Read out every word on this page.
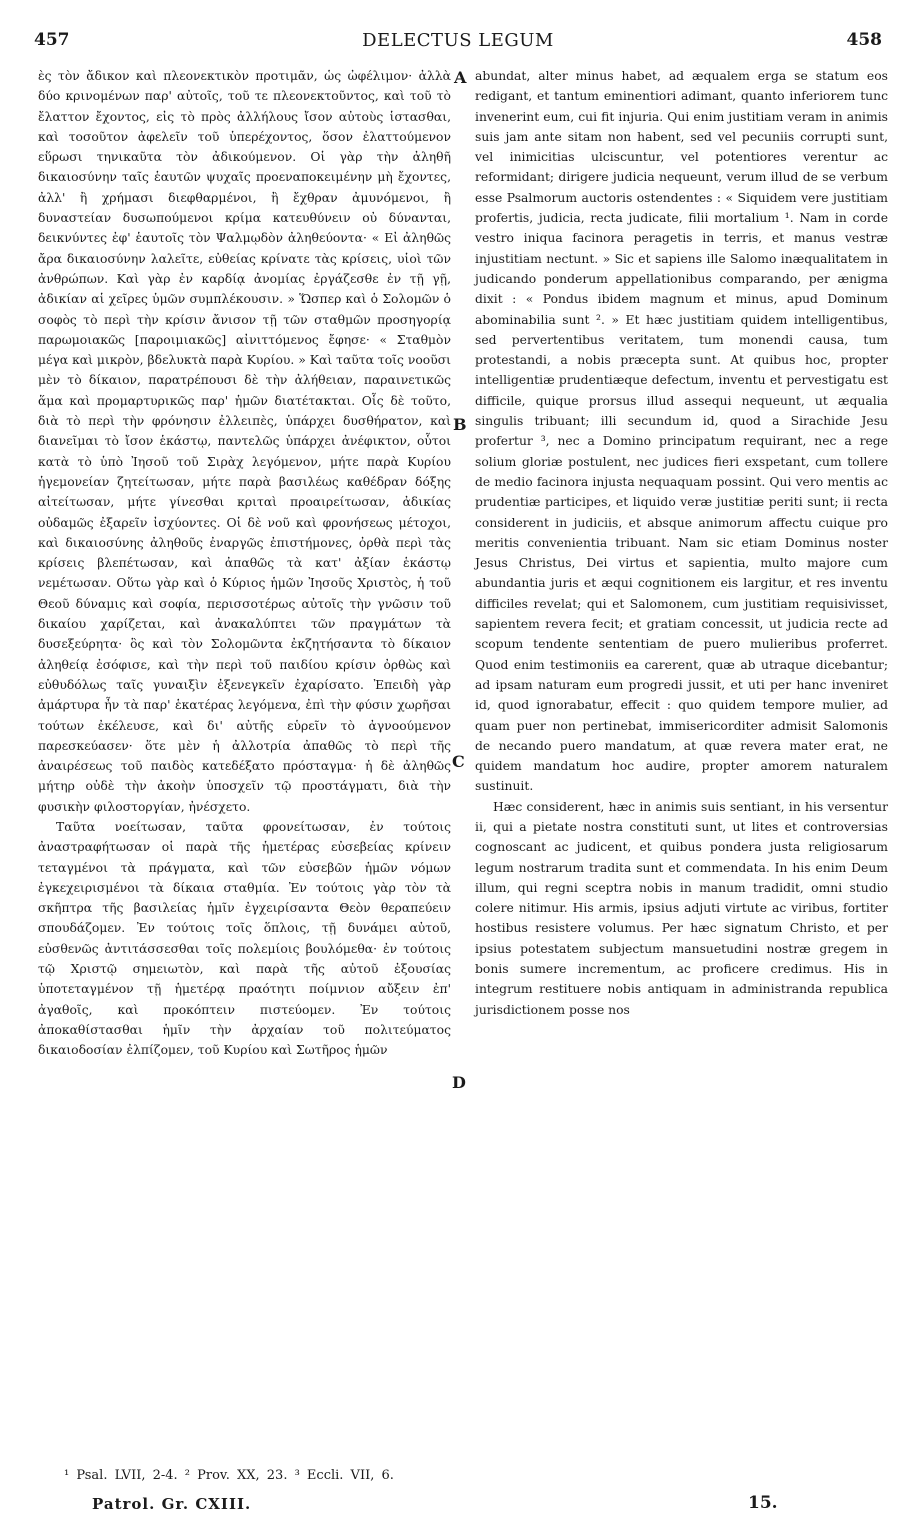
457	DELECTUS LEGUM	458

ὲς τὸν ἄδικον καὶ πλεονεκτικὸν προτιμᾶν, ὡς ὠφέλιμον· ἀλλὰ δύο κρινομένων παρ' αὐτοῖς, τοῦ τε πλεονεκτοῦντος, καὶ τοῦ τὸ ἔλαττον ἔχοντος, εἰς τὸ πρὸς ἀλλήλους ἴσον αὐτοὺς ἱστασθαι, καὶ τοσοῦτον ἀφελεῖν τοῦ ὑπερέχοντος, ὅσον ἐλαττούμενον εὕρωσι τηνικαῦτα τὸν ἀδικούμενον. Οἱ γὰρ τὴν ἀληθῆ δικαιοσύνην ταῖς ἑαυτῶν ψυχαῖς προεναποκειμένην μὴ ἔχοντες, ἀλλ' ἢ χρήμασι διεφθαρμένοι, ἢ ἔχθραν ἀμυνόμενοι, ἢ δυναστείαν δυσωπούμενοι κρίμα κατευθύνειν οὐ δύνανται, δεικνύντες ἐφ' ἑαυτοῖς τὸν Ψαλμῳδὸν ἀληθεύοντα· « Εἰ ἀληθῶς ἄρα δικαιοσύνην λαλεῖτε, εὐθείας κρίνατε τὰς κρίσεις, υἱοὶ τῶν ἀνθρώπων. Καὶ γὰρ ἐν καρδίᾳ ἀνομίας ἐργάζεσθε ἐν τῇ γῇ, ἀδικίαν αἱ χεῖρες ὑμῶν συμπλέκουσιν. » Ὥσπερ καὶ ὁ Σολομῶν ὁ σοφὸς τὸ περὶ τὴν κρίσιν ἄνισον τῇ τῶν σταθμῶν προσηγορίᾳ παρωμοιακῶς [παροιμιακῶς] αἰνιττόμενος ἔφησε· « Σταθμὸν μέγα καὶ μικρὸν, βδελυκτὰ παρὰ Κυρίου. » Καὶ ταῦτα τοῖς νοοῦσι μὲν τὸ δίκαιον, παρατρέπουσι δὲ τὴν ἀλήθειαν, παραινετικῶς ἅμα καὶ προμαρτυρικῶς παρ' ἡμῶν διατέτακται. Οἷς δὲ τοῦτο, διὰ τὸ περὶ τὴν φρόνησιν ἐλλειπὲς, ὑπάρχει δυσθήρατον, καὶ διανεῖμαι τὸ ἴσον ἑκάστῳ, παντελῶς ὑπάρχει ἀνέφικτον, οὗτοι κατὰ τὸ ὑπὸ Ἰησοῦ τοῦ Σιρὰχ λεγόμενον, μήτε παρὰ Κυρίου ἡγεμονείαν ζητείτωσαν, μήτε παρὰ βασιλέως καθέδραν δόξης αἰτείτωσαν, μήτε γίνεσθαι κριταὶ προαιρείτωσαν, ἀδικίας οὐδαμῶς ἐξαρεῖν ἰσχύοντες. Οἱ δὲ νοῦ καὶ φρονήσεως μέτοχοι, καὶ δικαιοσύνης ἀληθοῦς ἐναργῶς ἐπιστήμονες, ὀρθὰ περὶ τὰς κρίσεις βλεπέτωσαν, καὶ ἀπαθῶς τὰ κατ' ἀξίαν ἑκάστῳ νεμέτωσαν. Οὕτω γὰρ καὶ ὁ Κύριος ἡμῶν Ἰησοῦς Χριστὸς, ἡ τοῦ Θεοῦ δύναμις καὶ σοφία, περισσοτέρως αὐτοῖς τὴν γνῶσιν τοῦ δικαίου χαρίζεται, καὶ ἀνακαλύπτει τῶν πραγμάτων τὰ δυσεξεύρητα· ὃς καὶ τὸν Σολομῶντα ἐκζητήσαντα τὸ δίκαιον ἀληθείᾳ ἐσόφισε, καὶ τὴν περὶ τοῦ παιδίου κρίσιν ὀρθὼς καὶ εὐθυδόλως ταῖς γυναιξὶν ἐξενεγκεῖν ἐχαρίσατο. Ἐπειδὴ γὰρ ἀμάρτυρα ἦν τὰ παρ' ἑκατέρας λεγόμενα, ἐπὶ τὴν φύσιν χωρῆσαι τούτων ἐκέλευσε, καὶ δι' αὐτῆς εὑρεῖν τὸ ἀγνοούμενον παρεσκεύασεν· ὅτε μὲν ἡ ἀλλοτρία ἀπαθῶς τὸ περὶ τῆς ἀναιρέσεως τοῦ παιδὸς κατεδέξατο πρόσταγμα· ἡ δὲ ἀληθῶς μήτηρ οὐδὲ τὴν ἀκοὴν ὑποσχεῖν τῷ προστάγματι, διὰ τὴν φυσικὴν φιλοστοργίαν, ἠνέσχετο.

Ταῦτα νοείτωσαν, ταῦτα φρονείτωσαν, ἐν τούτοις ἀναστραφήτωσαν οἱ παρὰ τῆς ἡμετέρας εὐσεβείας κρίνειν τεταγμένοι τὰ πράγματα, καὶ τῶν εὐσεβῶν ἡμῶν νόμων ἐγκεχειρισμένοι τὰ δίκαια σταθμία. Ἐν τούτοις γὰρ τὸν τὰ σκῆπτρα τῆς βασιλείας ἡμῖν ἐγχειρίσαντα Θεὸν θεραπεύειν σπουδάζομεν. Ἐν τούτοις τοῖς ὅπλοις, τῇ δυνάμει αὐτοῦ, εὐσθενῶς ἀντιτάσσεσθαι τοῖς πολεμίοις βουλόμεθα· ἐν τούτοις τῷ Χριστῷ σημειωτὸν, καὶ παρὰ τῆς αὐτοῦ ἐξουσίας ὑποτεταγμένον τῇ ἡμετέρᾳ πραότητι ποίμνιον αὔξειν ἐπ' ἀγαθοῖς, καὶ προκόπτειν πιστεύομεν. Ἐν τούτοις ἀποκαθίστασθαι ἡμῖν τὴν ἀρχαίαν τοῦ πολιτεύματος δικαιοδοσίαν ἐλπίζομεν, τοῦ Κυρίου καὶ Σωτῆρος ἡμῶν

abundat, alter minus habet, ad æqualem erga se statum eos redigant, et tantum eminentiori adimant, quanto inferiorem tunc invenerint eum, cui fit injuria. Qui enim justitiam veram in animis suis jam ante sitam non habent, sed vel pecuniis corrupti sunt, vel inimicitias ulciscuntur, vel potentiores verentur ac reformidant; dirigere judicia nequeunt, verum illud de se verbum esse Psalmorum auctoris ostendentes : « Siquidem vere justitiam profertis, judicia, recta judicate, filii mortalium ¹. Nam in corde vestro iniqua facinora peragetis in terris, et manus vestræ injustitiam nectunt. » Sic et sapiens ille Salomo inæqualitatem in judicando ponderum appellationibus comparando, per ænigma dixit : « Pondus ibidem magnum et minus, apud Dominum abominabilia sunt ². » Et hæc justitiam quidem intelligentibus, sed pervertentibus veritatem, tum monendi causa, tum protestandi, a nobis præcepta sunt. At quibus hoc, propter intelligentiæ prudentiæque defectum, inventu et pervestigatu est difficile, quique prorsus illud assequi nequeunt, ut æqualia singulis tribuant; illi secundum id, quod a Sirachide Jesu profertur ³, nec a Domino principatum requirant, nec a rege solium gloriæ postulent, nec judices fieri exspetant, cum tollere de medio facinora injusta nequaquam possint. Qui vero mentis ac prudentiæ participes, et liquido veræ justitiæ periti sunt; ii recta considerent in judiciis, et absque animorum affectu cuique pro meritis convenientia tribuant. Nam sic etiam Dominus noster Jesus Christus, Dei virtus et sapientia, multo majore cum abundantia juris et æqui cognitionem eis largitur, et res inventu difficiles revelat; qui et Salomonem, cum justitiam requisivisset, sapientem revera fecit; et gratiam concessit, ut judicia recte ad scopum tendente sententiam de puero mulieribus proferret. Quod enim testimoniis ea carerent, quæ ab utraque dicebantur; ad ipsam naturam eum progredi jussit, et uti per hanc inveniret id, quod ignorabatur, effecit : quo quidem tempore mulier, ad quam puer non pertinebat, immisericorditer admisit Salomonis de necando puero mandatum, at quæ revera mater erat, ne quidem mandatum hoc audire, propter amorem naturalem sustinuit.

Hæc considerent, hæc in animis suis sentiant, in his versentur ii, qui a pietate nostra constituti sunt, ut lites et controversias cognoscant ac judicent, et quibus pondera justa religiosarum legum nostrarum tradita sunt et commendata. In his enim Deum illum, qui regni sceptra nobis in manum tradidit, omni studio colere nitimur. His armis, ipsius adjuti virtute ac viribus, fortiter hostibus resistere volumus. Per hæc signatum Christo, et per ipsius potestatem subjectum mansuetudini nostræ gregem in bonis sumere incrementum, ac proficere credimus. His in integrum restituere nobis antiquam in administranda republica jurisdictionem posse nos

A
B
C
D
¹ Psal. LVII, 2-4. ² Prov. XX, 23. ³ Eccli. VII, 6.
Patrol. Gr. CXIII.	15.
